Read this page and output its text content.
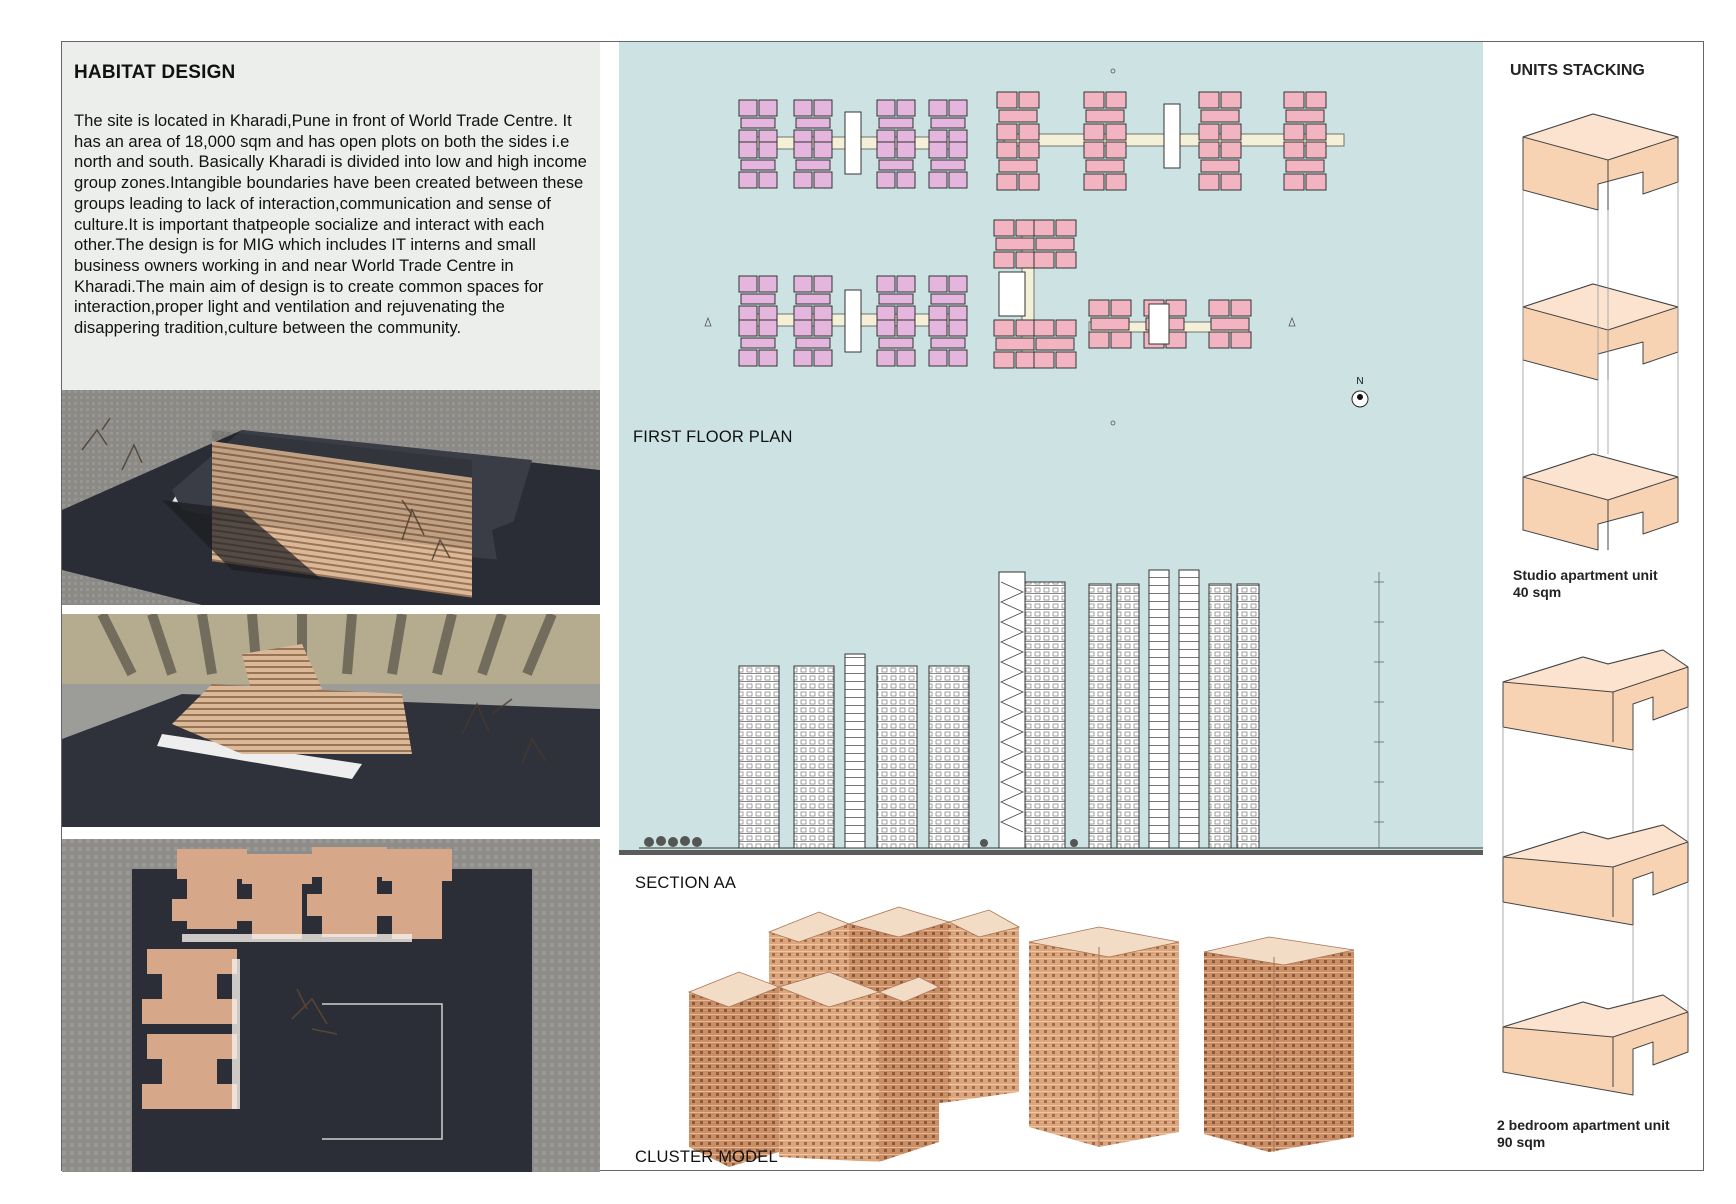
HABITAT DESIGN

The site is located in Kharadi,Pune in front of World Trade Centre. It has an area of 18,000 sqm and has open plots on both the sides i.e north and south. Basically Kharadi is divided into low and high income group zones.Intangible boundaries have been created between these groups leading to lack of interaction,communication and sense of culture.It is important thatpeople socialize and interact with each other.The design is for MIG which includes IT interns and small business owners working in and near World Trade Centre in Kharadi.The main aim of design is to create common spaces for interaction,proper light and ventilation and rejuvenating the disappering tradition,culture between the community.

N
FIRST FLOOR PLAN
SECTION AA
CLUSTER MODEL
UNITS STACKING
Studio apartment unit
40 sqm
2 bedroom apartment unit
90 sqm
